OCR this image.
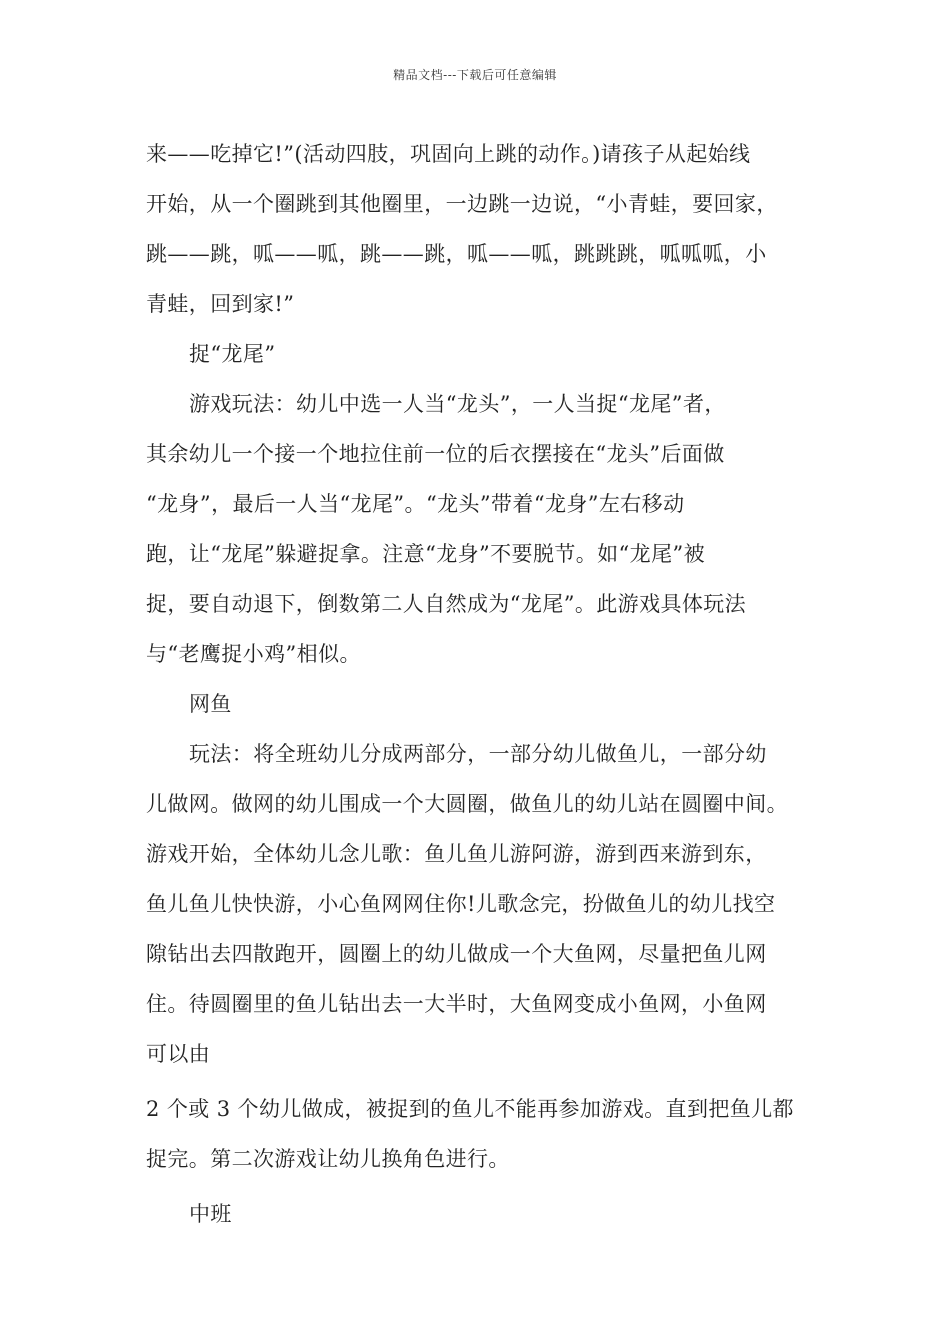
精品文档---下载后可任意编辑
来——吃掉它!”(活动四肢，巩固向上跳的动作。)请孩子从起始线
开始，从一个圈跳到其他圈里，一边跳一边说，“小青蛙，要回家，
跳——跳，呱——呱，跳——跳，呱——呱，跳跳跳，呱呱呱，小
青蛙，回到家!”
捉“龙尾”
游戏玩法：幼儿中选一人当“龙头”，一人当捉“龙尾”者，
其余幼儿一个接一个地拉住前一位的后衣摆接在“龙头”后面做
“龙身”，最后一人当“龙尾”。“龙头”带着“龙身”左右移动
跑，让“龙尾”躲避捉拿。注意“龙身”不要脱节。如“龙尾”被
捉，要自动退下，倒数第二人自然成为“龙尾”。此游戏具体玩法
与“老鹰捉小鸡”相似。
网鱼
玩法：将全班幼儿分成两部分，一部分幼儿做鱼儿，一部分幼
儿做网。做网的幼儿围成一个大圆圈，做鱼儿的幼儿站在圆圈中间。
游戏开始，全体幼儿念儿歌：鱼儿鱼儿游阿游，游到西来游到东，
鱼儿鱼儿快快游，小心鱼网网住你!儿歌念完，扮做鱼儿的幼儿找空
隙钻出去四散跑开，圆圈上的幼儿做成一个大鱼网，尽量把鱼儿网
住。待圆圈里的鱼儿钻出去一大半时，大鱼网变成小鱼网，小鱼网
可以由
2 个或 3 个幼儿做成，被捉到的鱼儿不能再参加游戏。直到把鱼儿都
捉完。第二次游戏让幼儿换角色进行。
中班
